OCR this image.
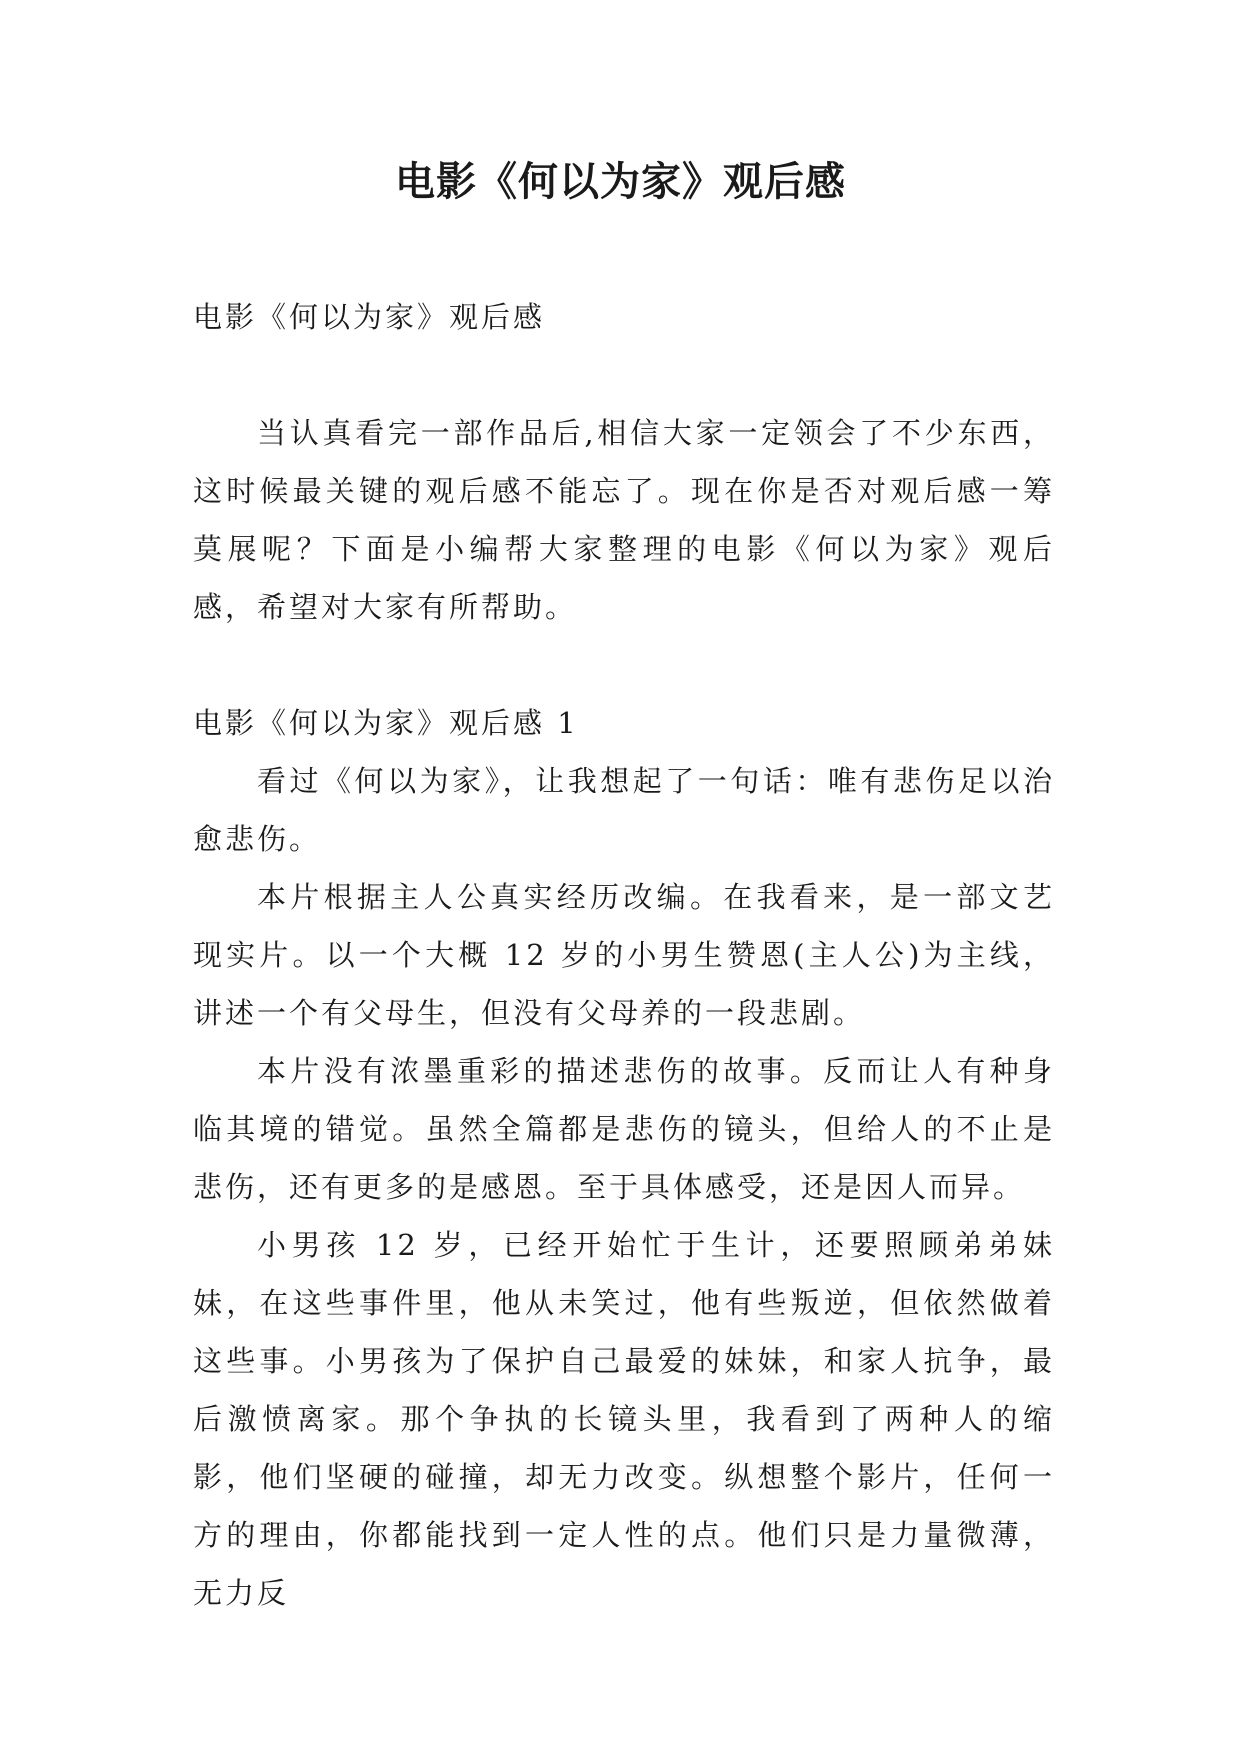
电影《何以为家》观后感

电影《何以为家》观后感

当认真看完一部作品后,相信大家一定领会了不少东西，这时候最关键的观后感不能忘了。现在你是否对观后感一筹莫展呢？下面是小编帮大家整理的电影《何以为家》观后感，希望对大家有所帮助。

电影《何以为家》观后感 1

看过《何以为家》，让我想起了一句话：唯有悲伤足以治愈悲伤。

本片根据主人公真实经历改编。在我看来，是一部文艺现实片。以一个大概 12 岁的小男生赞恩(主人公)为主线，讲述一个有父母生，但没有父母养的一段悲剧。

本片没有浓墨重彩的描述悲伤的故事。反而让人有种身临其境的错觉。虽然全篇都是悲伤的镜头，但给人的不止是悲伤，还有更多的是感恩。至于具体感受，还是因人而异。

小男孩 12 岁，已经开始忙于生计，还要照顾弟弟妹妹，在这些事件里，他从未笑过，他有些叛逆，但依然做着这些事。小男孩为了保护自己最爱的妹妹，和家人抗争，最后激愤离家。那个争执的长镜头里，我看到了两种人的缩影，他们坚硬的碰撞，却无力改变。纵想整个影片，任何一方的理由，你都能找到一定人性的点。他们只是力量微薄，无力反
